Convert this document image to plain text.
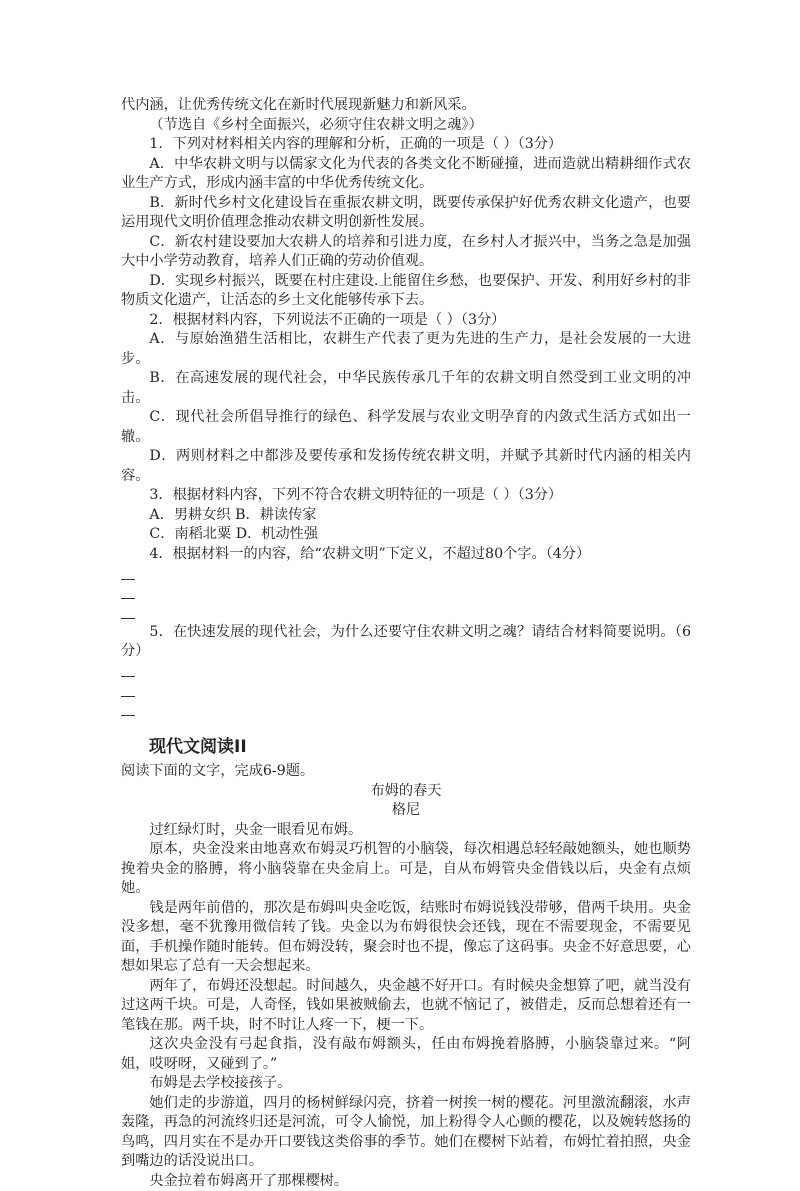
代内涵，让优秀传统文化在新时代展现新魅力和新风采。

（节选自《乡村全面振兴，必须守住农耕文明之魂》）

1．下列对材料相关内容的理解和分析，正确的一项是（ ）（3分）

A．中华农耕文明与以儒家文化为代表的各类文化不断碰撞，进而造就出精耕细作式农业生产方式，形成内涵丰富的中华优秀传统文化。

B．新时代乡村文化建设旨在重振农耕文明，既要传承保护好优秀农耕文化遗产，也要运用现代文明价值理念推动农耕文明创新性发展。

C．新农村建设要加大农耕人的培养和引进力度，在乡村人才振兴中，当务之急是加强大中小学劳动教育，培养人们正确的劳动价值观。

D．实现乡村振兴，既要在村庄建设.上能留住乡愁，也要保护、开发、利用好乡村的非物质文化遗产，让活态的乡土文化能够传承下去。

2．根据材料内容，下列说法不正确的一项是（ ）（3分）

A．与原始渔猎生活相比，农耕生产代表了更为先进的生产力，是社会发展的一大进步。

B．在高速发展的现代社会，中华民族传承几千年的农耕文明自然受到工业文明的冲击。

C．现代社会所倡导推行的绿色、科学发展与农业文明孕育的内敛式生活方式如出一辙。

D．两则材料之中都涉及要传承和发扬传统农耕文明，并赋予其新时代内涵的相关内容。

3．根据材料内容，下列不符合农耕文明特征的一项是（ ）（3分）

A．男耕女织 B．耕读传家

C．南稻北粟 D．机动性强

4．根据材料一的内容，给“农耕文明”下定义，不超过80个字。（4分）

5．在快速发展的现代社会，为什么还要守住农耕文明之魂？请结合材料简要说明。（6分）

现代文阅读II

阅读下面的文字，完成6-9题。

布姆的春天

格尼

过红绿灯时，央金一眼看见布姆。

原本，央金没来由地喜欢布姆灵巧机智的小脑袋，每次相遇总轻轻敲她额头，她也顺势挽着央金的胳膊，将小脑袋靠在央金肩上。可是，自从布姆管央金借钱以后，央金有点烦她。

钱是两年前借的，那次是布姆叫央金吃饭，结账时布姆说钱没带够，借两千块用。央金没多想，毫不犹豫用微信转了钱。央金以为布姆很快会还钱，现在不需要现金，不需要见面，手机操作随时能转。但布姆没转，聚会时也不提，像忘了这码事。央金不好意思要，心想如果忘了总有一天会想起来。

两年了，布姆还没想起。时间越久，央金越不好开口。有时候央金想算了吧，就当没有过这两千块。可是，人奇怪，钱如果被贼偷去，也就不恼记了，被借走，反而总想着还有一笔钱在那。两千块，时不时让人疼一下，梗一下。

这次央金没有弓起食指，没有敲布姆额头，任由布姆挽着胳膊，小脑袋靠过来。“阿姐，哎呀呀，又碰到了。”

布姆是去学校接孩子。

她们走的步游道，四月的杨树鲜绿闪亮，挤着一树挨一树的樱花。河里激流翻滚，水声轰隆，再急的河流终归还是河流，可令人愉悦，加上粉得令人心颤的樱花，以及婉转悠扬的鸟鸣，四月实在不是办开口要钱这类俗事的季节。她们在樱树下站着，布姆忙着拍照，央金到嘴边的话没说出口。

央金拉着布姆离开了那棵樱树。
